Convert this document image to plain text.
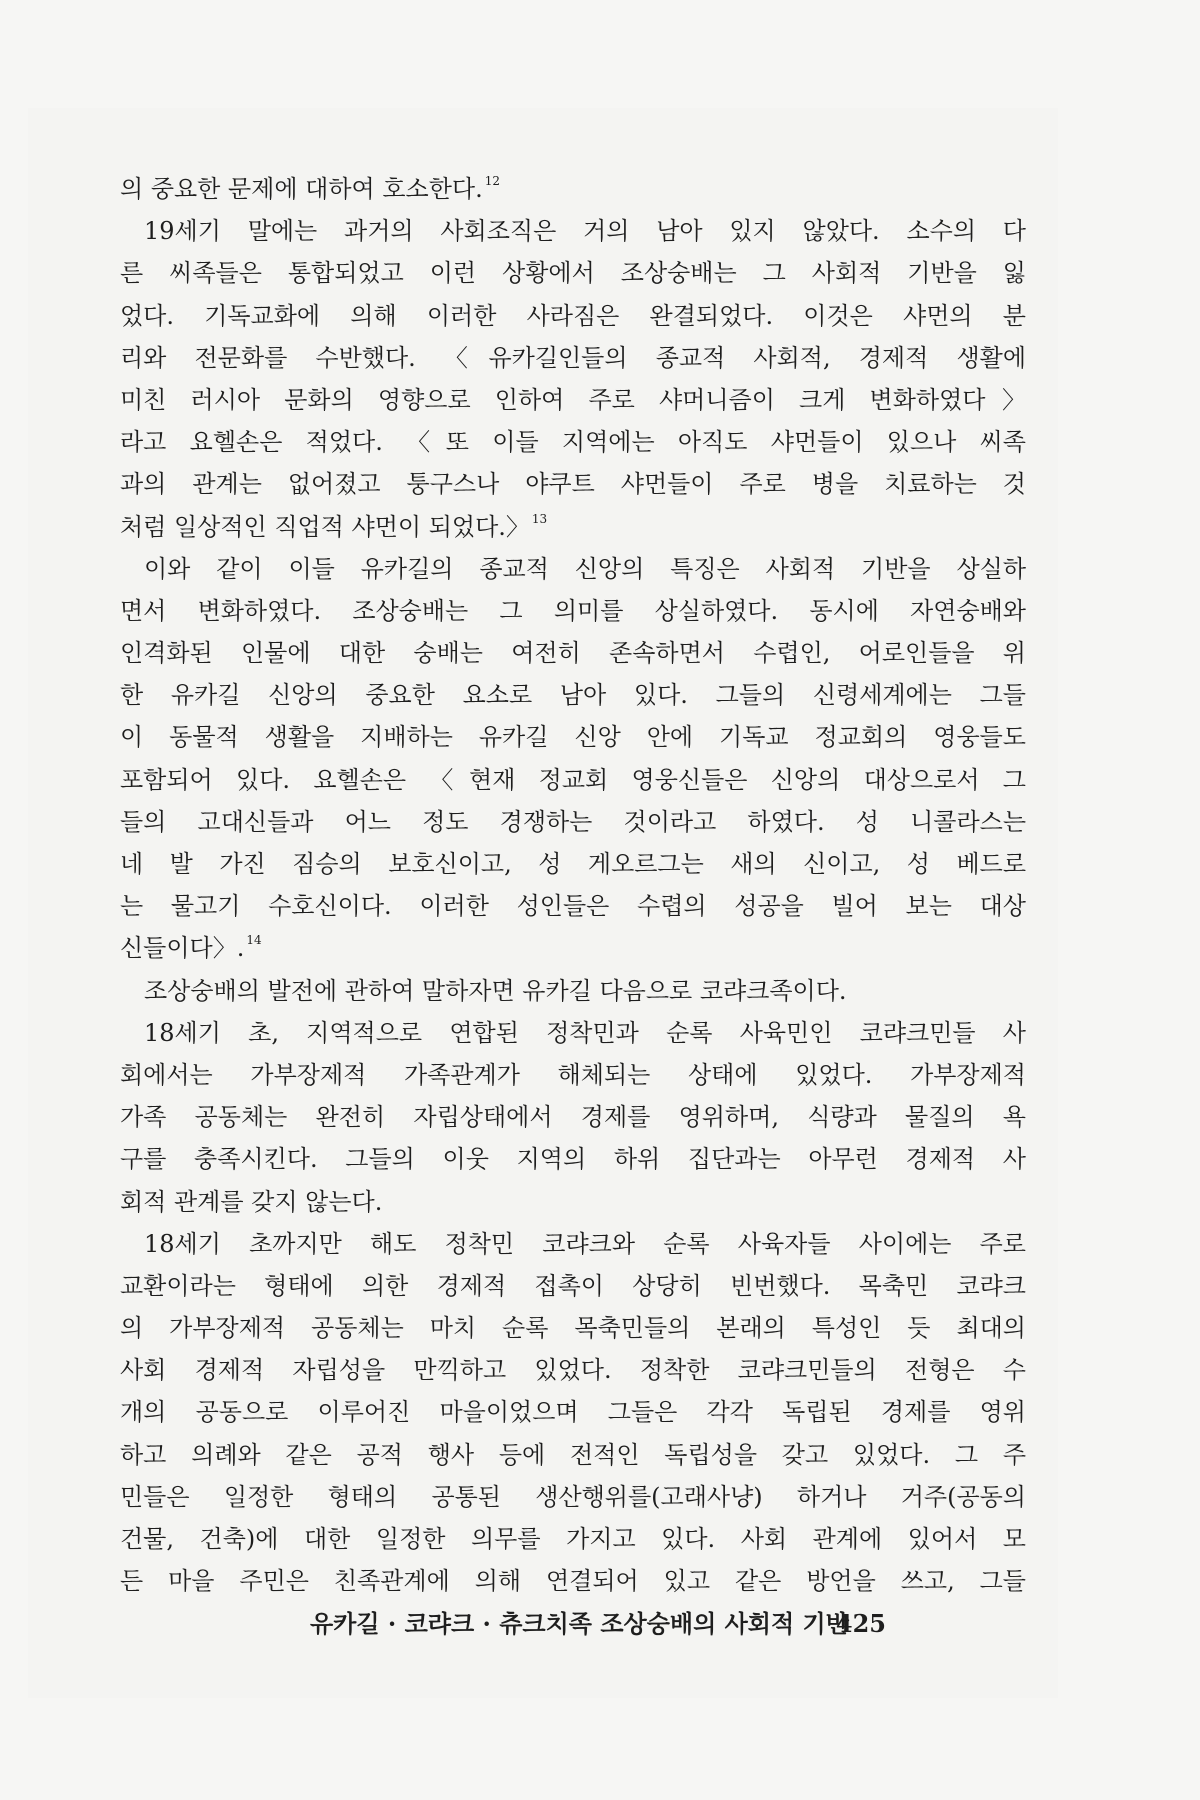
의 중요한 문제에 대하여 호소한다. $^{12}$
19세기 말에는 과거의 사회조직은 거의 남아 있지 않았다. 소수의 다
른 씨족들은 통합되었고 이런 상황에서 조상숭배는 그 사회적 기반을 잃
었다. 기독교화에 의해 이러한 사라짐은 완결되었다. 이것은 샤먼의 분
리와 전문화를 수반했다. 〈유카길인들의 종교적 사회적, 경제적 생활에
미친 러시아 문화의 영향으로 인하여 주로 샤머니즘이 크게 변화하였다〉
라고 요헬손은 적었다. 〈또 이들 지역에는 아직도 샤먼들이 있으나 씨족
과의 관계는 없어졌고 퉁구스나 야쿠트 샤먼들이 주로 병을 치료하는 것
처럼 일상적인 직업적 샤먼이 되었다.〉 $^{13}$
이와 같이 이들 유카길의 종교적 신앙의 특징은 사회적 기반을 상실하
면서 변화하였다. 조상숭배는 그 의미를 상실하였다. 동시에 자연숭배와
인격화된 인물에 대한 숭배는 여전히 존속하면서 수렵인, 어로인들을 위
한 유카길 신앙의 중요한 요소로 남아 있다. 그들의 신령세계에는 그들
이 동물적 생활을 지배하는 유카길 신앙 안에 기독교 정교회의 영웅들도
포함되어 있다. 요헬손은 〈현재 정교회 영웅신들은 신앙의 대상으로서 그
들의 고대신들과 어느 정도 경쟁하는 것이라고 하였다. 성 니콜라스는
네 발 가진 짐승의 보호신이고, 성 게오르그는 새의 신이고, 성 베드로
는 물고기 수호신이다. 이러한 성인들은 수렵의 성공을 빌어 보는 대상
신들이다〉. $^{14}$
조상숭배의 발전에 관하여 말하자면 유카길 다음으로 코랴크족이다.
18세기 초, 지역적으로 연합된 정착민과 순록 사육민인 코랴크민들 사
회에서는 가부장제적 가족관계가 해체되는 상태에 있었다. 가부장제적
가족 공동체는 완전히 자립상태에서 경제를 영위하며, 식량과 물질의 욕
구를 충족시킨다. 그들의 이웃 지역의 하위 집단과는 아무런 경제적 사
회적 관계를 갖지 않는다.
18세기 초까지만 해도 정착민 코랴크와 순록 사육자들 사이에는 주로
교환이라는 형태에 의한 경제적 접촉이 상당히 빈번했다. 목축민 코랴크
의 가부장제적 공동체는 마치 순록 목축민들의 본래의 특성인 듯 최대의
사회 경제적 자립성을 만끽하고 있었다. 정착한 코랴크민들의 전형은 수
개의 공동으로 이루어진 마을이었으며 그들은 각각 독립된 경제를 영위
하고 의례와 같은 공적 행사 등에 전적인 독립성을 갖고 있었다. 그 주
민들은 일정한 형태의 공통된 생산행위를(고래사냥) 하거나 거주(공동의
건물, 건축)에 대한 일정한 의무를 가지고 있다. 사회 관계에 있어서 모
든 마을 주민은 친족관계에 의해 연결되어 있고 같은 방언을 쓰고, 그들
유카길 · 코랴크 · 츄크치족 조상숭배의 사회적 기반
425
